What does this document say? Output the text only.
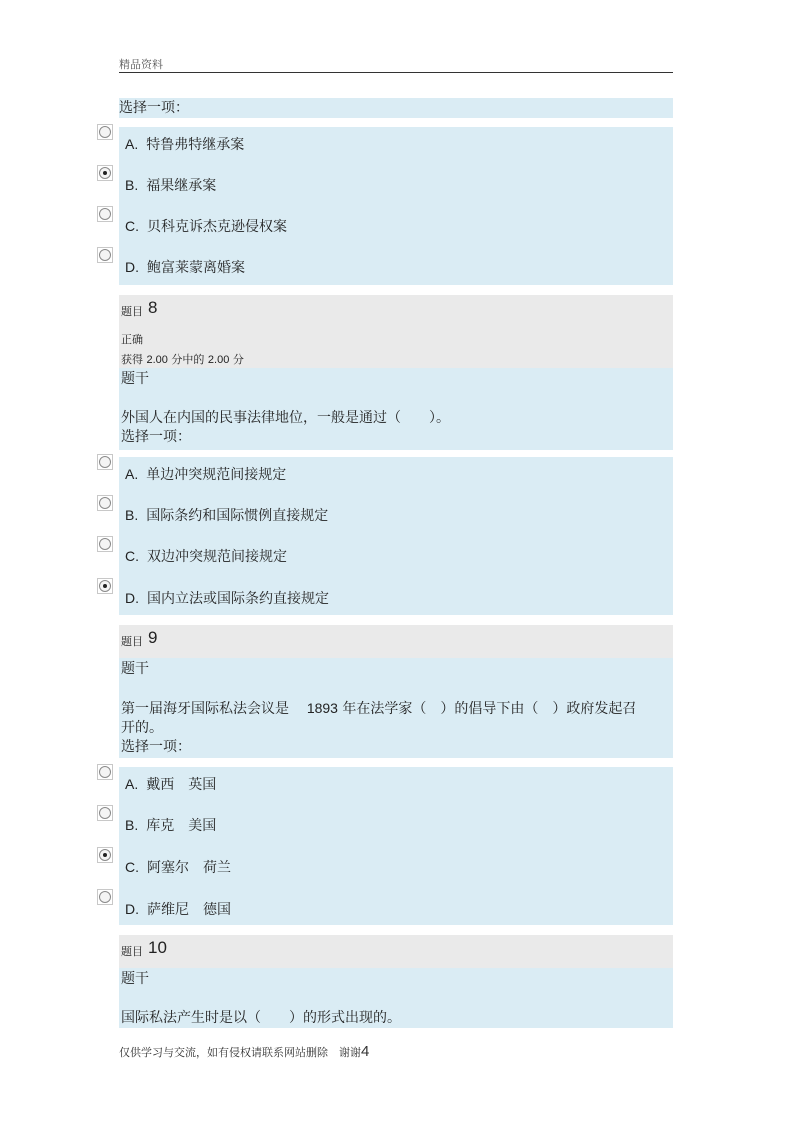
精品资料
选择一项：
A. 特鲁弗特继承案
B. 福果继承案
C. 贝科克诉杰克逊侵权案
D. 鲍富莱蒙离婚案
题目 8
正确
获得 2.00 分中的 2.00 分
题干
外国人在内国的民事法律地位，一般是通过（　　）。
选择一项：
A. 单边冲突规范间接规定
B. 国际条约和国际惯例直接规定
C. 双边冲突规范间接规定
D. 国内立法或国际条约直接规定
题目 9
题干
第一届海牙国际私法会议是 1893 年在法学家（　）的倡导下由（　）政府发起召
开的。
选择一项：
A. 戴西　英国
B. 库克　美国
C. 阿塞尔　荷兰
D. 萨维尼　德国
题目 10
题干
国际私法产生时是以（　　）的形式出现的。
仅供学习与交流，如有侵权请联系网站删除　谢谢4
